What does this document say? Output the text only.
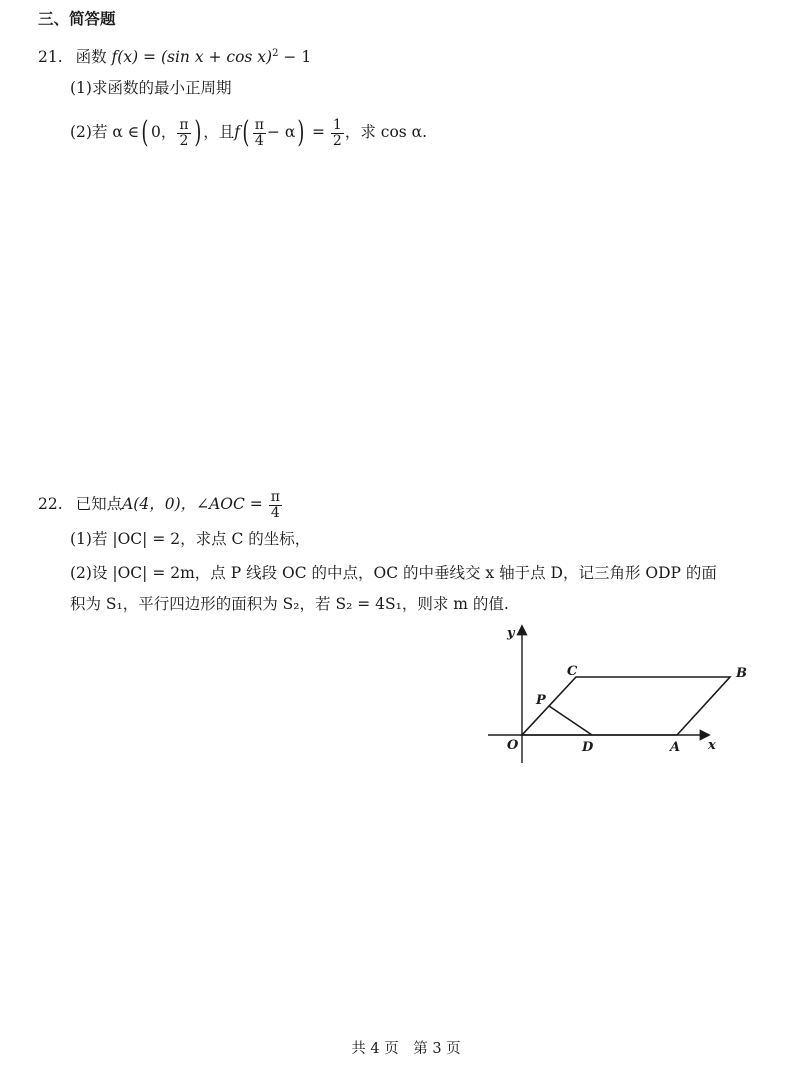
三、简答题
21. 函数 f(x) = (sin x + cos x)$^2$ − 1
(1)求函数的最小正周期
(2)若 α ∈( 0， $\frac{\pi}{2}$ ) ，且$f( \frac{\pi}{4} - \alpha) = \frac{1}{2}$ ，求 cos α.
22. 已知点A(4，0)，∠AOC = $\frac{\pi}{4}$
(1)若 |OC| = 2，求点 C 的坐标，
(2)设 |OC| = 2m，点 P 线段 OC 的中点，OC 的中垂线交 x 轴于点 D，记三角形 ODP 的面
积为 S₁，平行四边形的面积为 S₂，若 S₂ = 4S₁，则求 m 的值.
y
x
O
C	B
P
D	A
共 4 页　第 3 页
